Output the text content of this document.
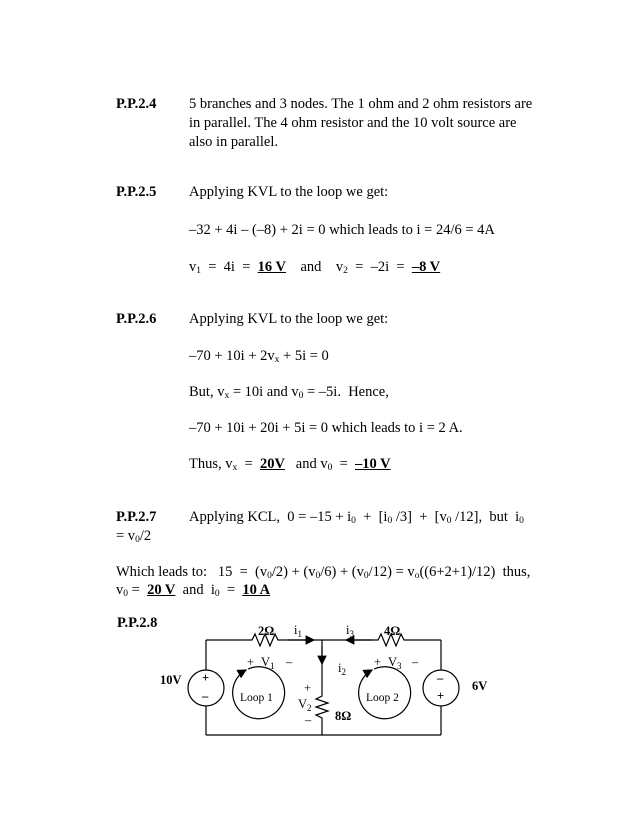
P.P.2.4 5 branches and 3 nodes. The 1 ohm and 2 ohm resistors are
in parallel. The 4 ohm resistor and the 10 volt source are
also in parallel.
P.P.2.5 Applying KVL to the loop we get:
–32 + 4i – (–8) + 2i = 0 which leads to i = 24/6 = 4A
$v_1 = 4i = 16$ V    and    $v_2 = -2i = -8$ V
P.P.2.6 Applying KVL to the loop we get:
$-70 + 10i + 2v_x + 5i = 0$
But, $v_x = 10i$ and $v_0 = -5i$.  Hence,
–70 + 10i + 20i + 5i = 0 which leads to i = 2 A.
Thus, $v_x = 20V$   and $v_0 = -10$ V
P.P.2.7 Applying KCL,  $0 = -15 + i_0 + [i_0$ $/3] + [v_0$ /12],  but  $i_0$
= $v_0/2$
Which leads to:   $15 = (v_0/2) + (v_0/6) + (v_0/12) = v_o((6+2+1)/12)$  thus,
$v_0 = 20$ V  and  $i_0 = 10$ A
P.P.2.8	2Ω	4Ω
8Ω
$i_1$	$i_3$
$i_2$
10V	6V
+
–
–
+
+ $V_1$ –	+ $V_3$ –
+
$V_2$
–
Loop 1	Loop 2
